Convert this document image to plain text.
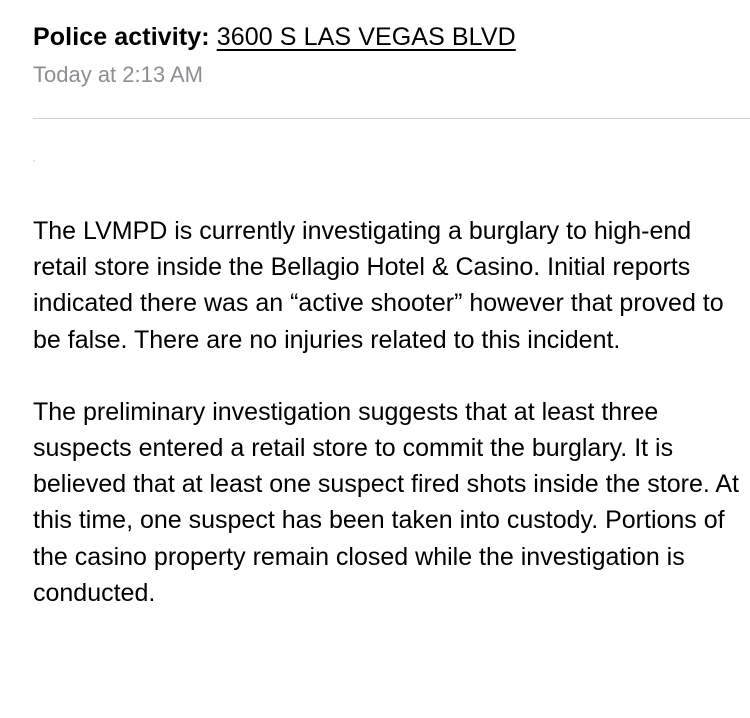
Police activity: 3600 S LAS VEGAS BLVD
Today at 2:13 AM

The LVMPD is currently investigating a burglary to high-end retail store inside the Bellagio Hotel & Casino. Initial reports indicated there was an “active shooter” however that proved to be false. There are no injuries related to this incident.

The preliminary investigation suggests that at least three suspects entered a retail store to commit the burglary. It is believed that at least one suspect fired shots inside the store. At this time, one suspect has been taken into custody. Portions of the casino property remain closed while the investigation is conducted.
